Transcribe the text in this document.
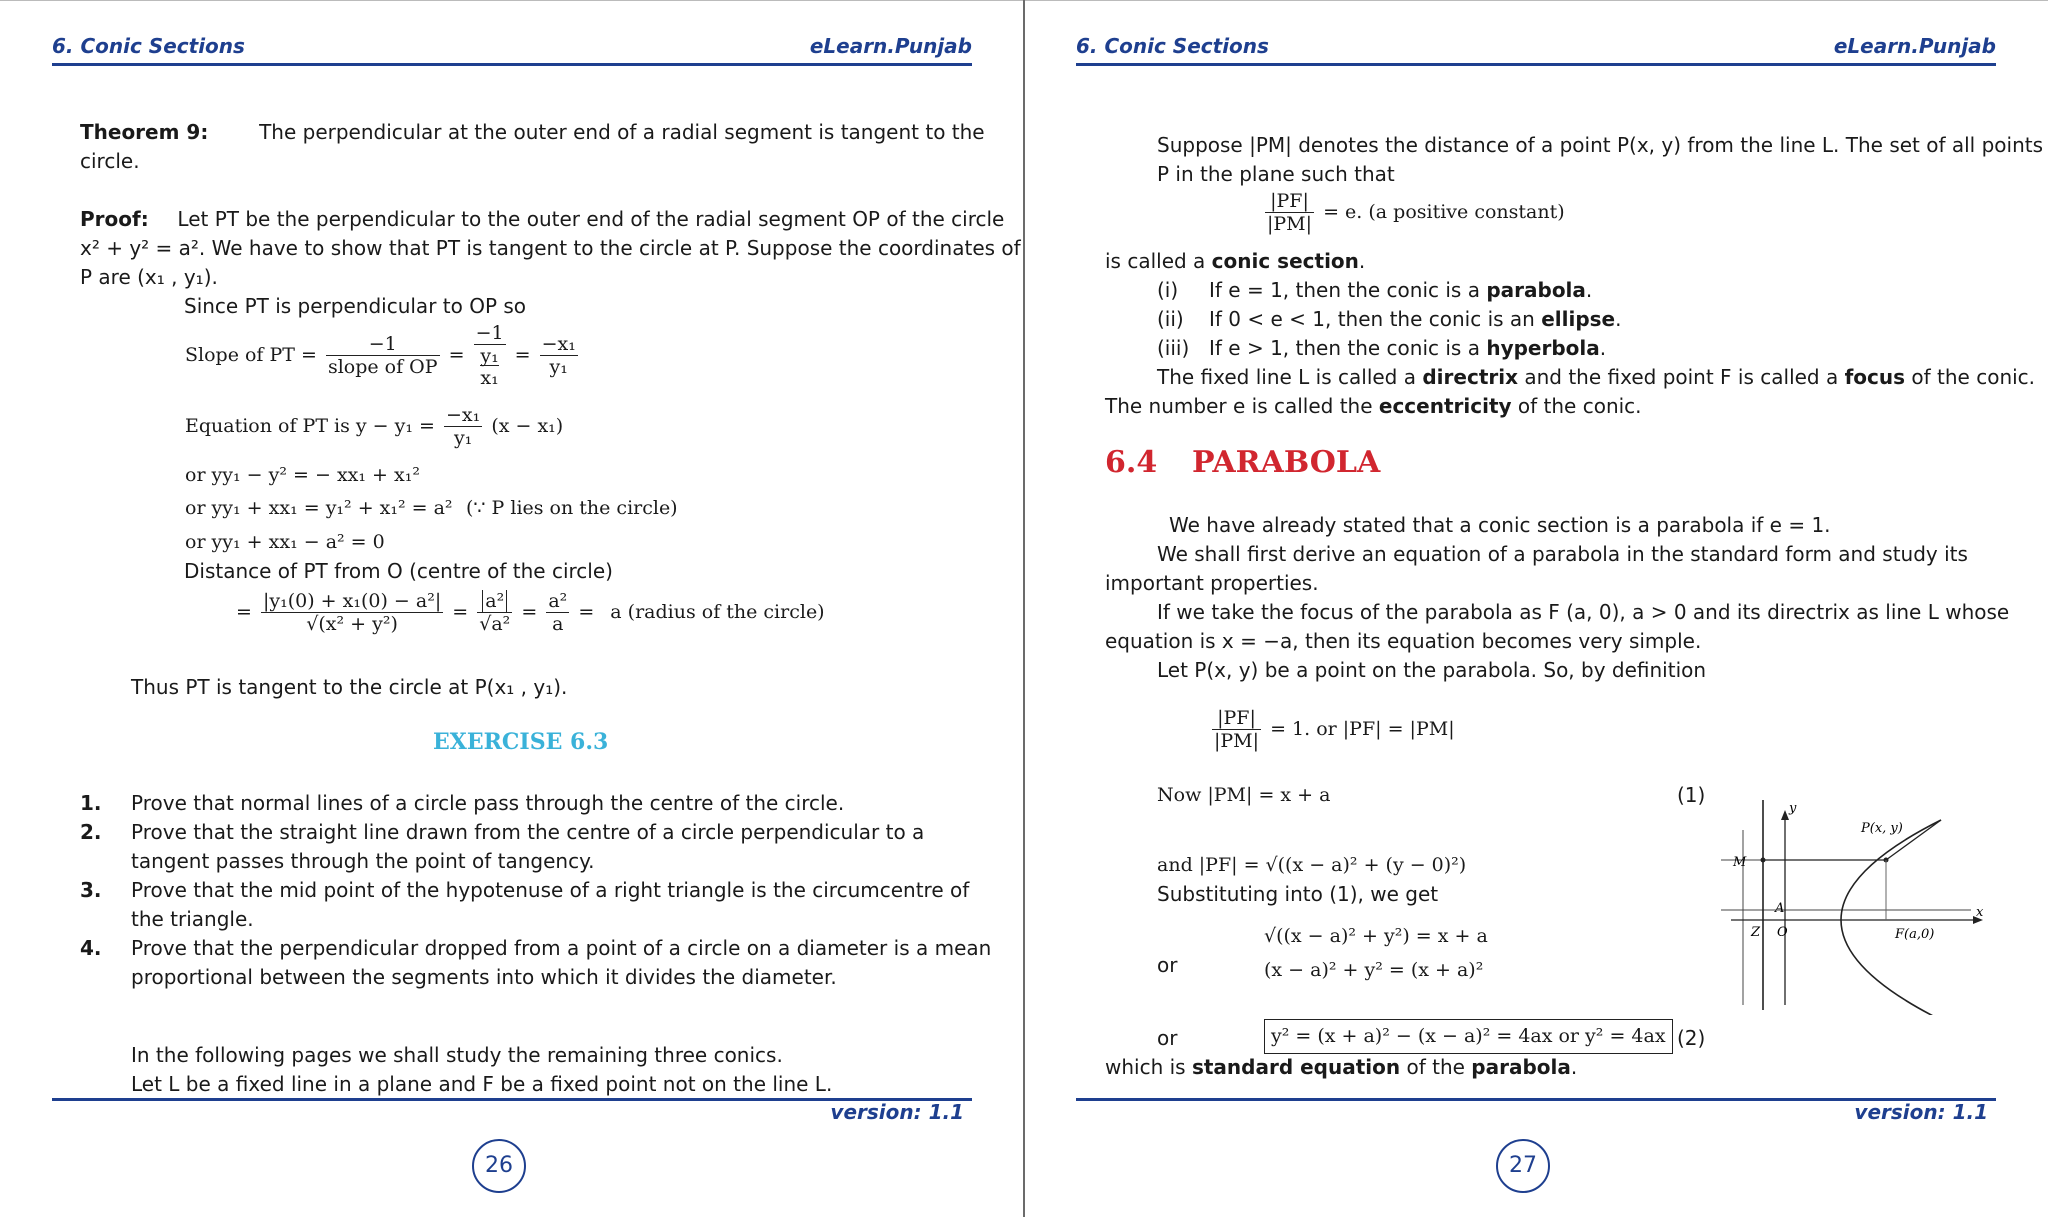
6. Conic Sections	eLearn.Punjab
Theorem 9:	The perpendicular at the outer end of a radial segment is tangent to the
circle.
Proof: Let PT be the perpendicular to the outer end of the radial segment OP of the circle
x² + y² = a². We have to show that PT is tangent to the circle at P. Suppose the coordinates of
P are (x₁ , y₁).
Since PT is perpendicular to OP so
Slope of PT = $\frac{-1}{\text{slope of OP}}$ =
−1
y₁
x₁
= $\frac{\text{−x₁}}{\text{y₁}}$
Equation of PT is $y - y_1 = \frac{\text{−x₁}}{\text{y₁}} (x - x_1)$
or yy₁ − y² = − xx₁ + x₁²
or yy₁ + xx₁ = y₁² + x₁² = a² (∵ P lies on the circle)
or yy₁ + xx₁ − a² = 0
Distance of PT from O (centre of the circle)
= $\frac{\text{|y₁(0) + x₁(0) − a²|}}{\text{√(x² + y²)}} = \frac{\text{a²}}{\text{√a²}} = \frac{\text{a²}}{a} = a$ (radius of the circle)
Thus PT is tangent to the circle at P(x₁ , y₁).
EXERCISE 6.3
1. Prove that normal lines of a circle pass through the centre of the circle.
2. Prove that the straight line drawn from the centre of a circle perpendicular to a
tangent passes through the point of tangency.
3. Prove that the mid point of the hypotenuse of a right triangle is the circumcentre of
the triangle.
4. Prove that the perpendicular dropped from a point of a circle on a diameter is a mean
proportional between the segments into which it divides the diameter.
In the following pages we shall study the remaining three conics.
Let L be a fixed line in a plane and F be a fixed point not on the line L.
version: 1.1
26
6. Conic Sections	eLearn.Punjab
Suppose |PM| denotes the distance of a point P(x, y) from the line L. The set of all points
P in the plane such that
$\frac{|PF|}{|PM|} = e$. (a positive constant)
is called a conic section.
(i) If e = 1, then the conic is a parabola.
(ii) If 0 < e < 1, then the conic is an ellipse.
(iii) If e > 1, then the conic is a hyperbola.
The fixed line L is called a directrix and the fixed point F is called a focus of the conic.
The number e is called the eccentricity of the conic.
6.4 PARABOLA
We have already stated that a conic section is a parabola if e = 1.
We shall first derive an equation of a parabola in the standard form and study its
important properties.
If we take the focus of the parabola as F (a, 0), a > 0 and its directrix as line L whose
equation is x = −a, then its equation becomes very simple.
Let P(x, y) be a point on the parabola. So, by definition
$\frac{|PF|}{|PM|} = 1$. or |PF| = |PM|
Now |PM| = x + a	(1)
and |PF| = √((x − a)² + (y − 0)²)
Substituting into (1), we get
√((x − a)² + y²) = x + a
or	(x − a)² + y² = (x + a)²
or	y² = (x + a)² − (x − a)² = 4ax or y² = 4ax (2)
which is standard equation of the parabola.
y
x
P(x, y)
M
A
Z O	F(a,0)
version: 1.1
27
